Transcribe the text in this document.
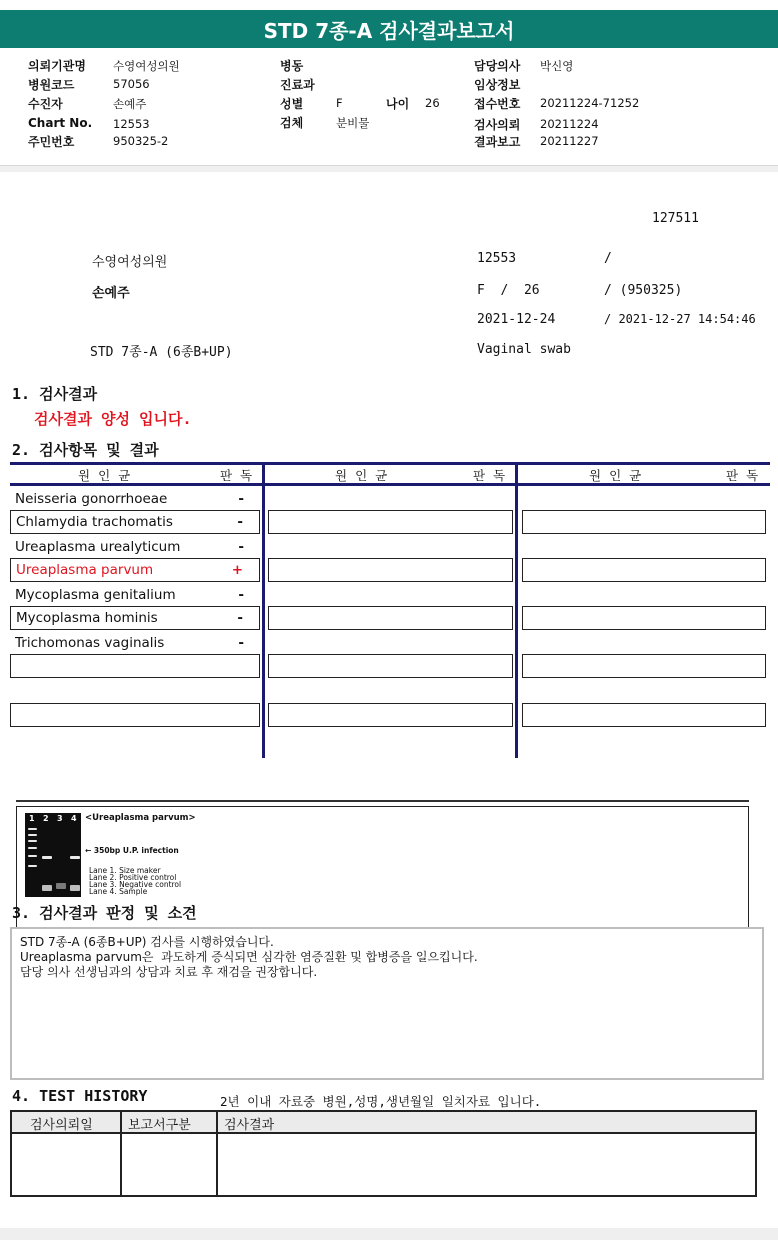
STD 7종-A 검사결과보고서
의뢰기관명 수영여성의원
병원코드	57056
수진자	손예주
Chart No. 12553
주민번호	950325-2
병동
진료과
성별	F	나이 26
검체	분비물
담당의사 박신영
임상정보
접수번호 20211224-71252
검사의뢰 20211224
결과보고 20211227
127511
수영여성의원	12553	/
손예주	F  /  26	/ (950325)
2021-12-24	/ 2021-12-27 14:54:46
STD 7종-A (6종B+UP)	Vaginal swab
1. 검사결과
검사결과 양성 입니다.
2. 검사항목 및 결과
원인균	판독	원인균	판독	원인균	판독
Neisseria gonorrhoeae	-
Chlamydia trachomatis	-
Ureaplasma urealyticum	-
Ureaplasma parvum	+
Mycoplasma genitalium	-
Mycoplasma hominis	-
Trichomonas vaginalis	-
1 2 3 4 <Ureaplasma parvum>
← 350bp U.P. infection
Lane 1. Size maker
Lane 2. Positive control
Lane 3. Negative control
Lane 4. Sample
3. 검사결과 판정 및 소견
STD 7종-A (6종B+UP) 검사를 시행하였습니다.
Ureaplasma parvum은  과도하게 증식되면 심각한 염증질환 및 합병증을 일으킵니다.
담당 의사 선생님과의 상담과 치료 후 재검을 권장합니다.
4. TEST HISTORY	2년 이내 자료중 병원,성명,생년월일 일치자료 입니다.
검사의뢰일	보고서구분	검사결과
